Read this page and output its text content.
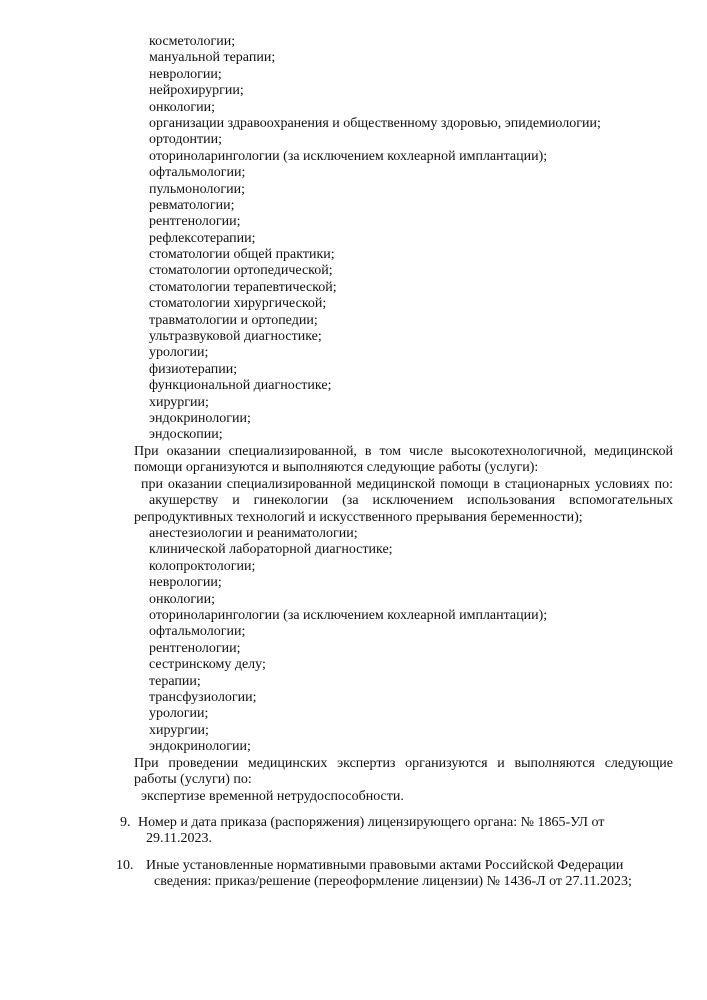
косметологии;
мануальной терапии;
неврологии;
нейрохирургии;
онкологии;
организации здравоохранения и общественному здоровью, эпидемиологии;
ортодонтии;
оториноларингологии (за исключением кохлеарной имплантации);
офтальмологии;
пульмонологии;
ревматологии;
рентгенологии;
рефлексотерапии;
стоматологии общей практики;
стоматологии ортопедической;
стоматологии терапевтической;
стоматологии хирургической;
травматологии и ортопедии;
ультразвуковой диагностике;
урологии;
физиотерапии;
функциональной диагностике;
хирургии;
эндокринологии;
эндоскопии;
При оказании специализированной, в том числе высокотехнологичной, медицинской
помощи организуются и выполняются следующие работы (услуги):
при оказании специализированной медицинской помощи в стационарных условиях по:
акушерству и гинекологии (за исключением использования вспомогательных
репродуктивных технологий и искусственного прерывания беременности);
анестезиологии и реаниматологии;
клинической лабораторной диагностике;
колопроктологии;
неврологии;
онкологии;
оториноларингологии (за исключением кохлеарной имплантации);
офтальмологии;
рентгенологии;
сестринскому делу;
терапии;
трансфузиологии;
урологии;
хирургии;
эндокринологии;
При проведении медицинских экспертиз организуются и выполняются следующие
работы (услуги) по:
экспертизе временной нетрудоспособности.
9. Номер и дата приказа (распоряжения) лицензирующего органа: № 1865-УЛ от
29.11.2023.
10. Иные установленные нормативными правовыми актами Российской Федерации
сведения: приказ/решение (переоформление лицензии) № 1436-Л от 27.11.2023;
